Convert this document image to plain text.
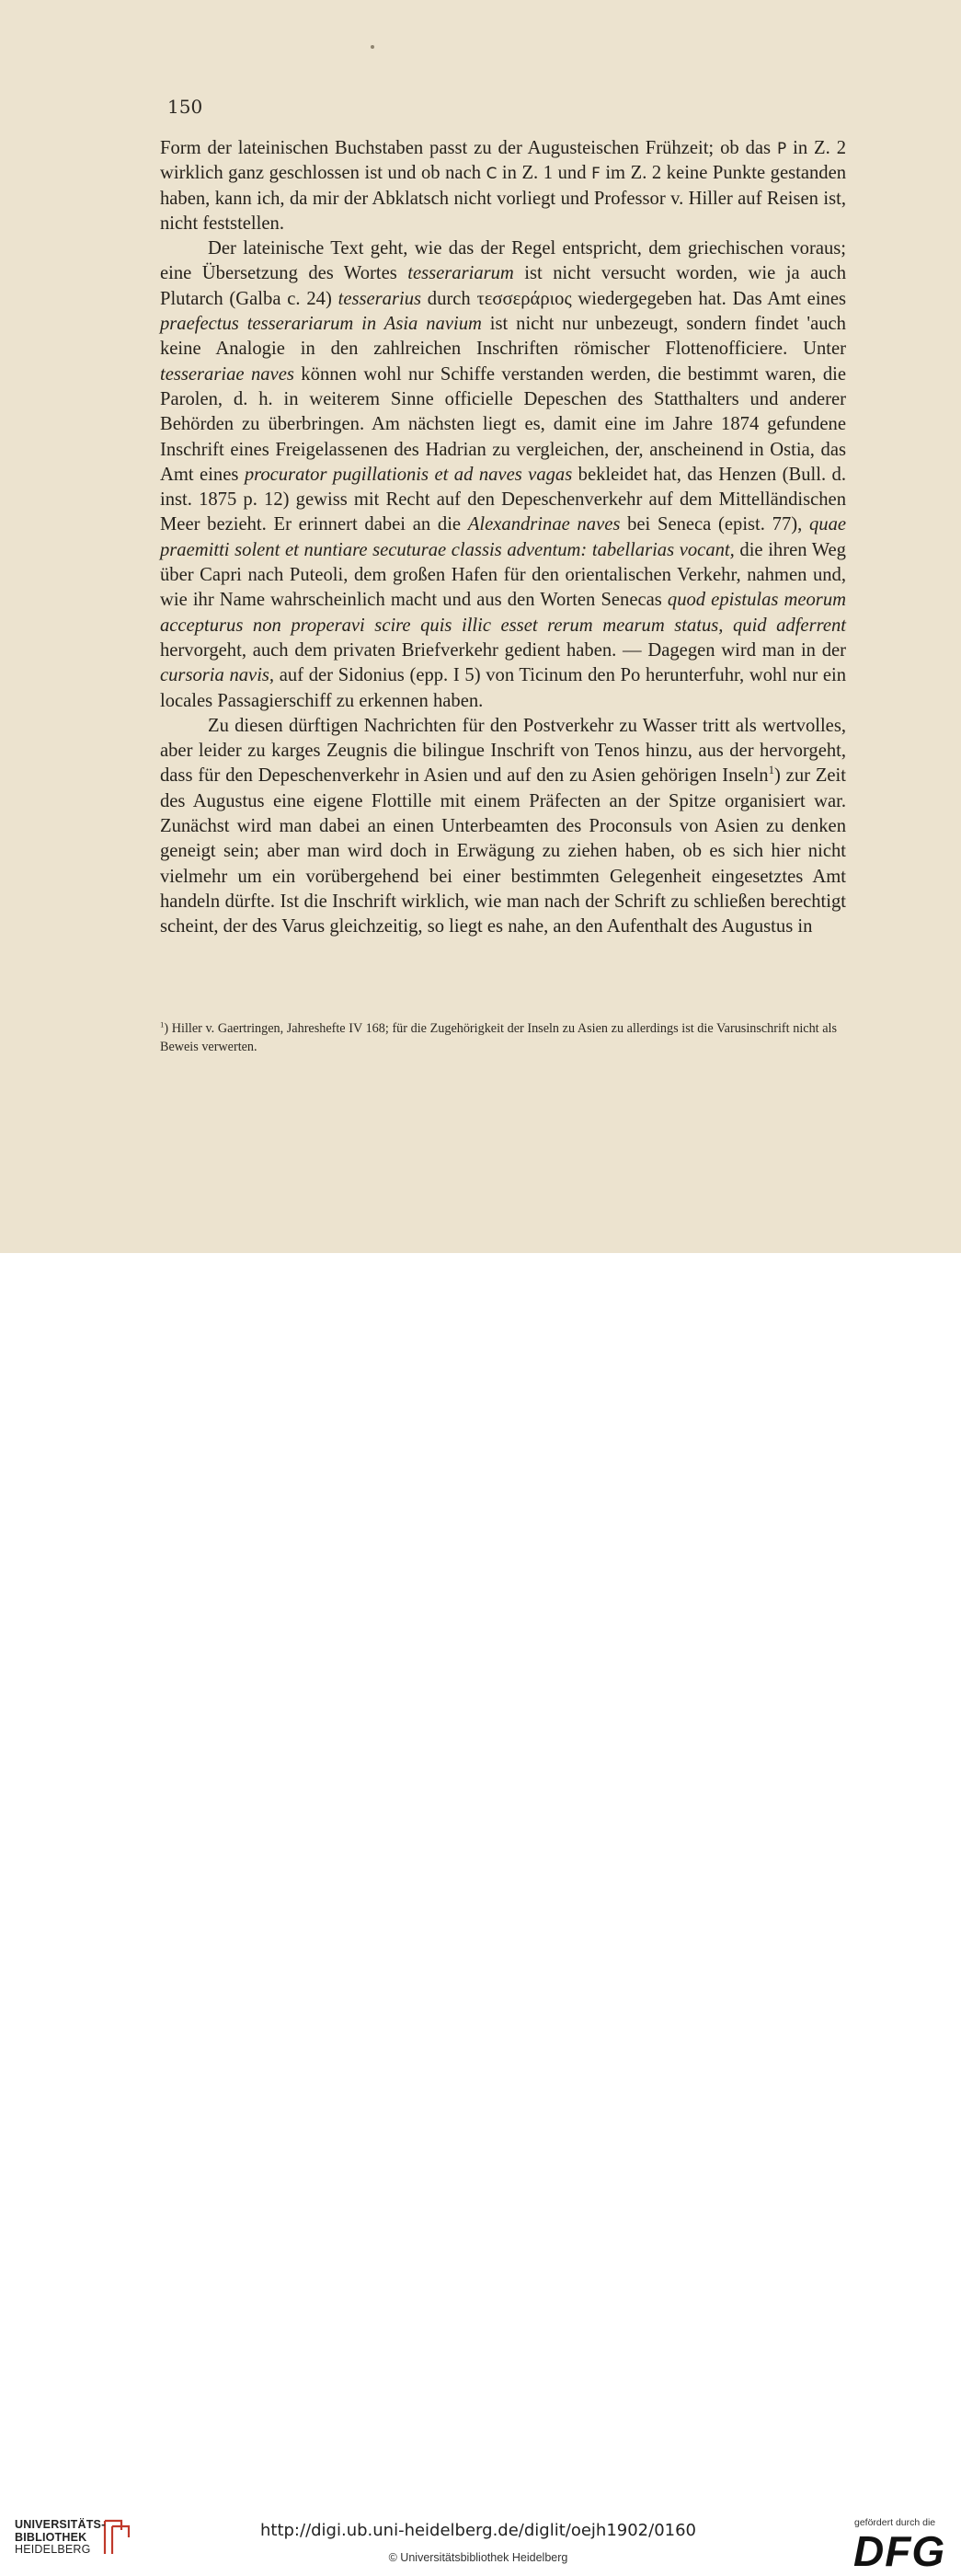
150

Form der lateinischen Buchstaben passt zu der Augusteischen Frühzeit; ob das P in Z. 2 wirklich ganz geschlossen ist und ob nach C in Z. 1 und F im Z. 2 keine Punkte gestanden haben, kann ich, da mir der Abklatsch nicht vorliegt und Professor v. Hiller auf Reisen ist, nicht feststellen.

Der lateinische Text geht, wie das der Regel entspricht, dem griechischen voraus; eine Übersetzung des Wortes tesserariarum ist nicht versucht worden, wie ja auch Plutarch (Galba c. 24) tesserarius durch τεσσεράριος wiedergegeben hat. Das Amt eines praefectus tesserariarum in Asia navium ist nicht nur unbezeugt, sondern findet 'auch keine Analogie in den zahlreichen Inschriften römischer Flottenofficiere. Unter tesserariae naves können wohl nur Schiffe verstanden werden, die bestimmt waren, die Parolen, d. h. in weiterem Sinne officielle Depeschen des Statthalters und anderer Behörden zu überbringen. Am nächsten liegt es, damit eine im Jahre 1874 gefundene Inschrift eines Freigelassenen des Hadrian zu vergleichen, der, anscheinend in Ostia, das Amt eines procurator pugillationis et ad naves vagas bekleidet hat, das Henzen (Bull. d. inst. 1875 p. 12) gewiss mit Recht auf den Depeschenverkehr auf dem Mittelländischen Meer bezieht. Er erinnert dabei an die Alexandrinae naves bei Seneca (epist. 77), quae praemitti solent et nuntiare secuturae classis adventum: tabellarias vocant, die ihren Weg über Capri nach Puteoli, dem großen Hafen für den orientalischen Verkehr, nahmen und, wie ihr Name wahrscheinlich macht und aus den Worten Senecas quod epistulas meorum accepturus non properavi scire quis illic esset rerum mearum status, quid adferrent hervorgeht, auch dem privaten Briefverkehr gedient haben. — Dagegen wird man in der cursoria navis, auf der Sidonius (epp. I 5) von Ticinum den Po herunterfuhr, wohl nur ein locales Passagierschiff zu erkennen haben.

Zu diesen dürftigen Nachrichten für den Postverkehr zu Wasser tritt als wertvolles, aber leider zu karges Zeugnis die bilingue Inschrift von Tenos hinzu, aus der hervorgeht, dass für den Depeschenverkehr in Asien und auf den zu Asien gehörigen Inseln$^1$) zur Zeit des Augustus eine eigene Flottille mit einem Präfecten an der Spitze organisiert war. Zunächst wird man dabei an einen Unterbeamten des Proconsuls von Asien zu denken geneigt sein; aber man wird doch in Erwägung zu ziehen haben, ob es sich hier nicht vielmehr um ein vorübergehend bei einer bestimmten Gelegenheit eingesetztes Amt handeln dürfte. Ist die Inschrift wirklich, wie man nach der Schrift zu schließen berechtigt scheint, der des Varus gleichzeitig, so liegt es nahe, an den Aufenthalt des Augustus in

$^1$) Hiller v. Gaertringen, Jahreshefte IV 168; für die Zugehörigkeit der Inseln zu Asien zu allerdings ist die Varusinschrift nicht als Beweis verwerten.
UNIVERSITÄTS-
BIBLIOTHEK
HEIDELBERG
http://digi.ub.uni-heidelberg.de/diglit/oejh1902/0160
© Universitätsbibliothek Heidelberg
gefördert durch die
DFG
